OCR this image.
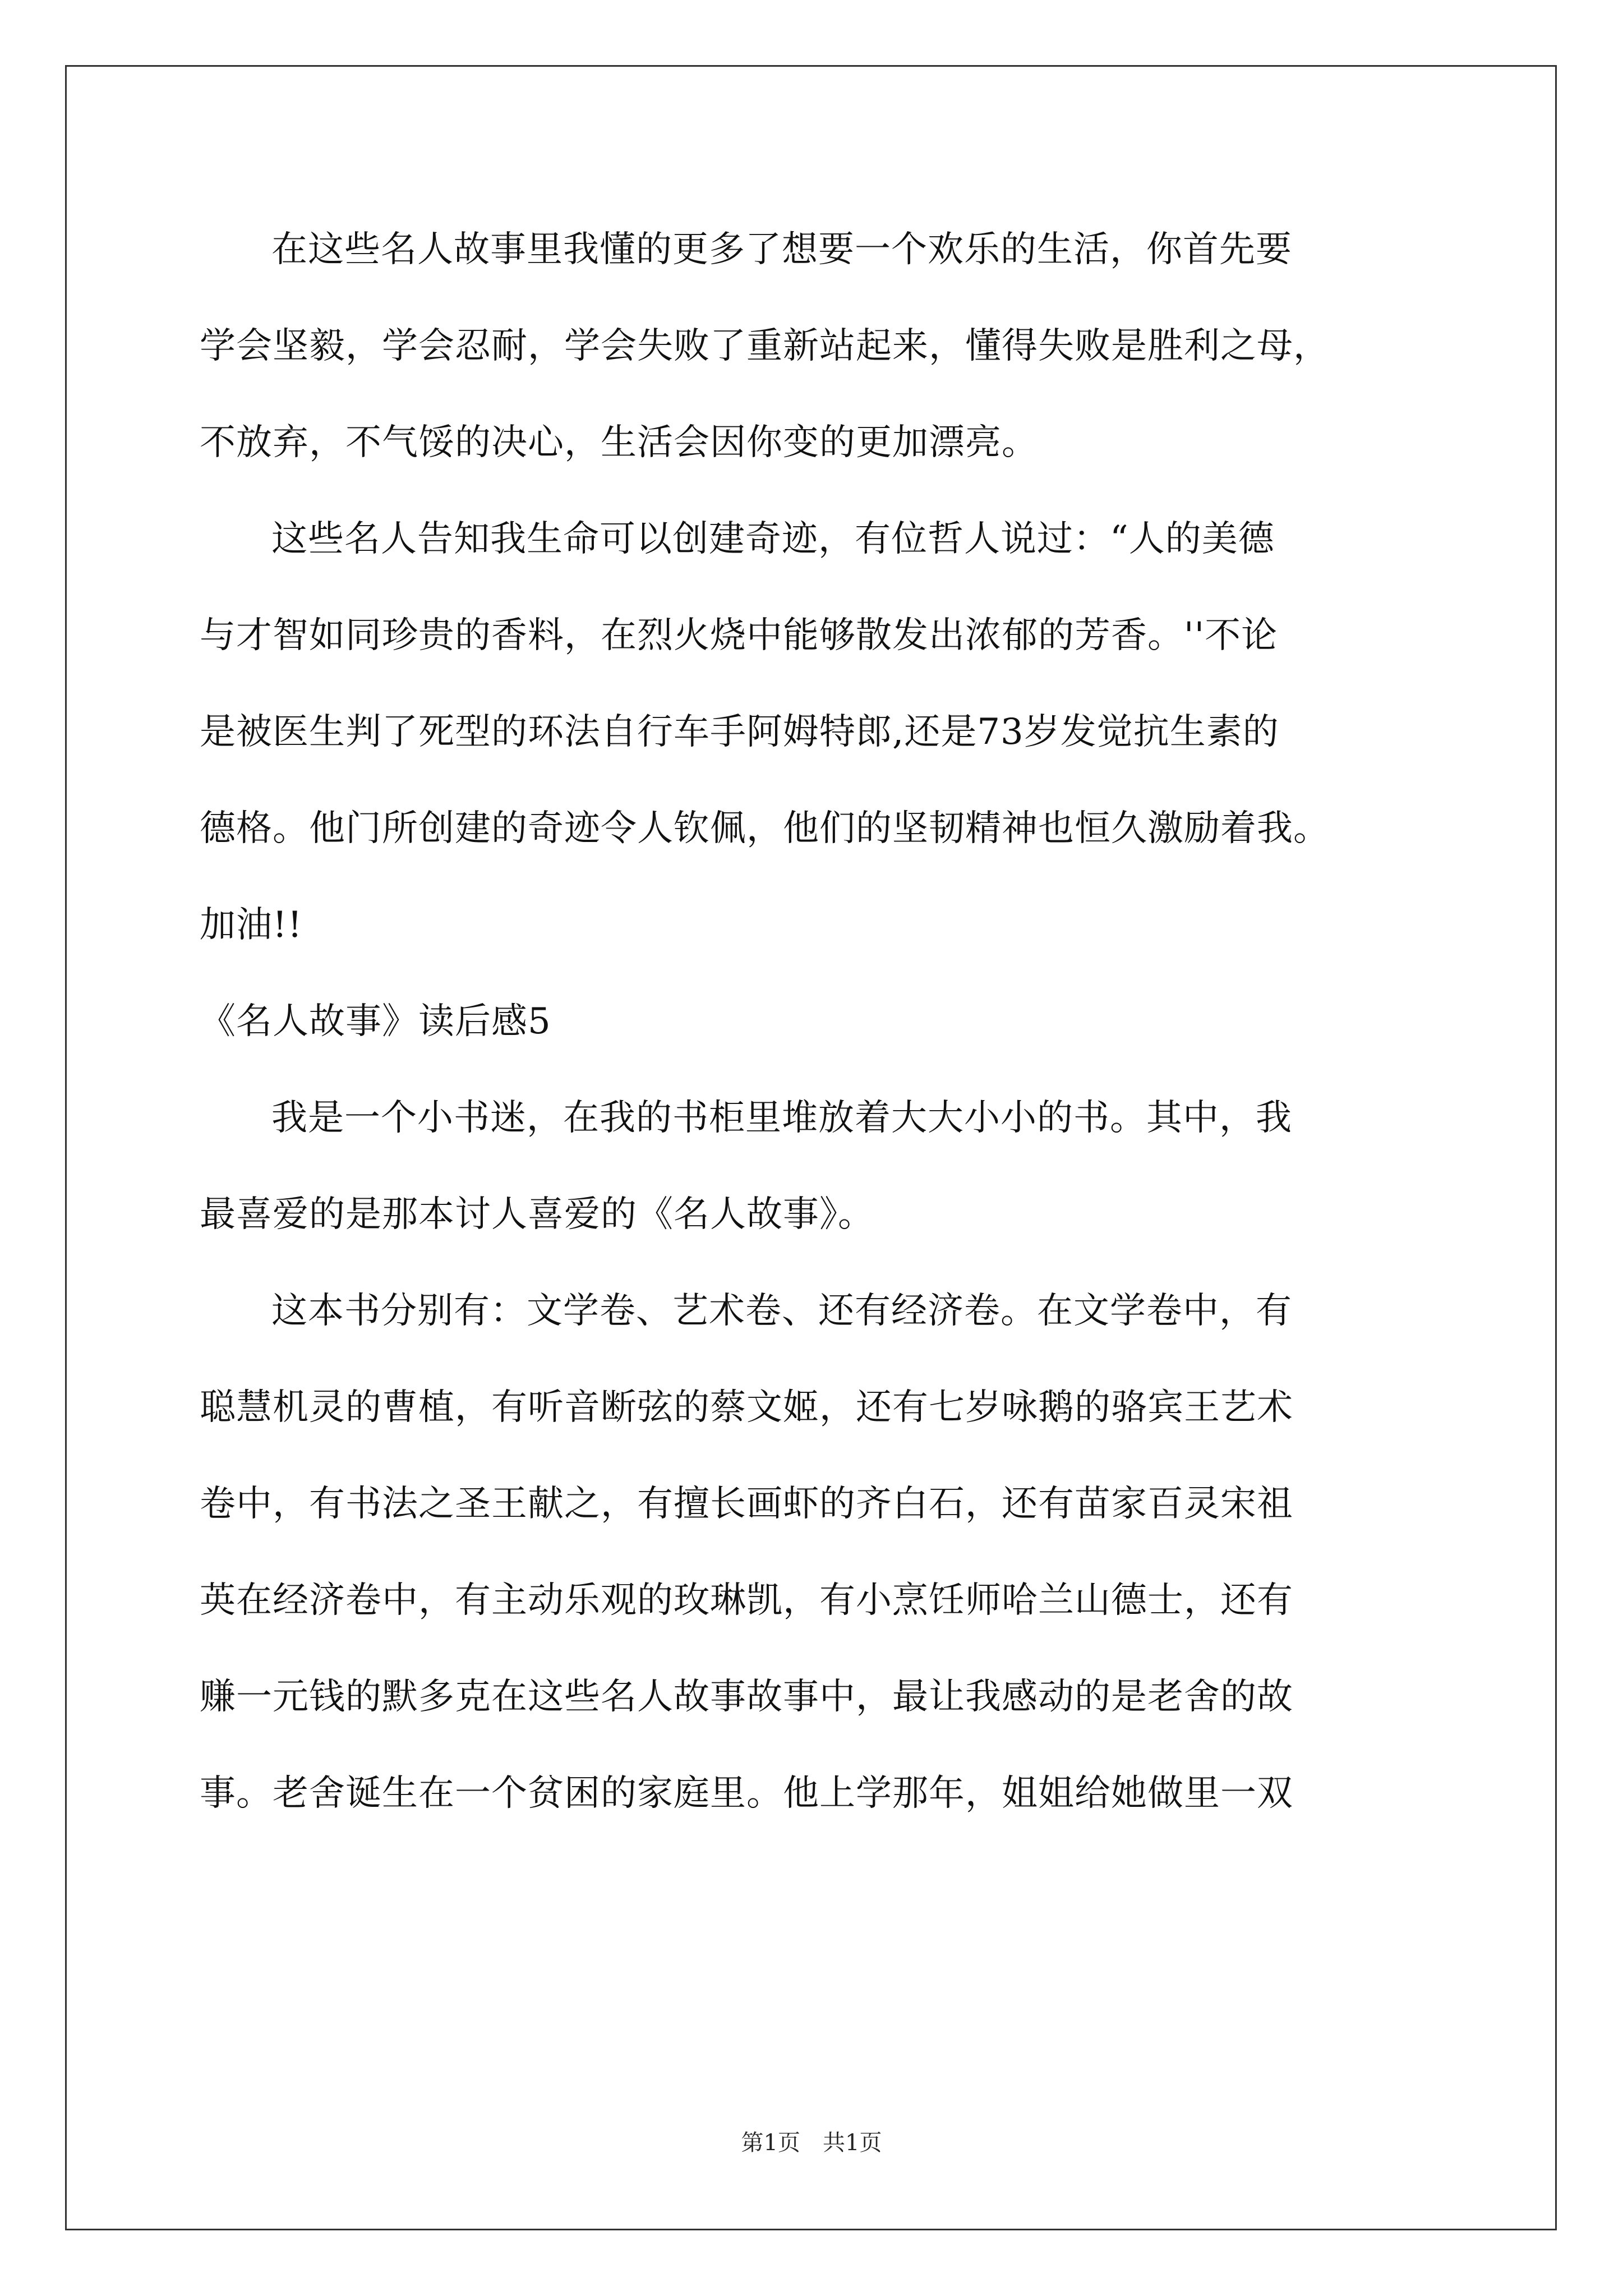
在这些名人故事里我懂的更多了想要一个欢乐的生活，你首先要
学会坚毅，学会忍耐，学会失败了重新站起来，懂得失败是胜利之母，
不放弃，不气馁的决心，生活会因你变的更加漂亮。
这些名人告知我生命可以创建奇迹，有位哲人说过：“人的美德
与才智如同珍贵的香料，在烈火烧中能够散发出浓郁的芳香。''不论
是被医生判了死型的环法自行车手阿姆特郎,还是73岁发觉抗生素的
德格。他门所创建的奇迹令人钦佩，他们的坚韧精神也恒久激励着我。
加油!!
《名人故事》读后感5
我是一个小书迷，在我的书柜里堆放着大大小小的书。其中，我
最喜爱的是那本讨人喜爱的《名人故事》。
这本书分别有：文学卷、艺术卷、还有经济卷。在文学卷中，有
聪慧机灵的曹植，有听音断弦的蔡文姬，还有七岁咏鹅的骆宾王艺术
卷中，有书法之圣王献之，有擅长画虾的齐白石，还有苗家百灵宋祖
英在经济卷中，有主动乐观的玫琳凯，有小烹饪师哈兰山德士，还有
赚一元钱的默多克在这些名人故事故事中，最让我感动的是老舍的故
事。老舍诞生在一个贫困的家庭里。他上学那年，姐姐给她做里一双
第1页 共1页
